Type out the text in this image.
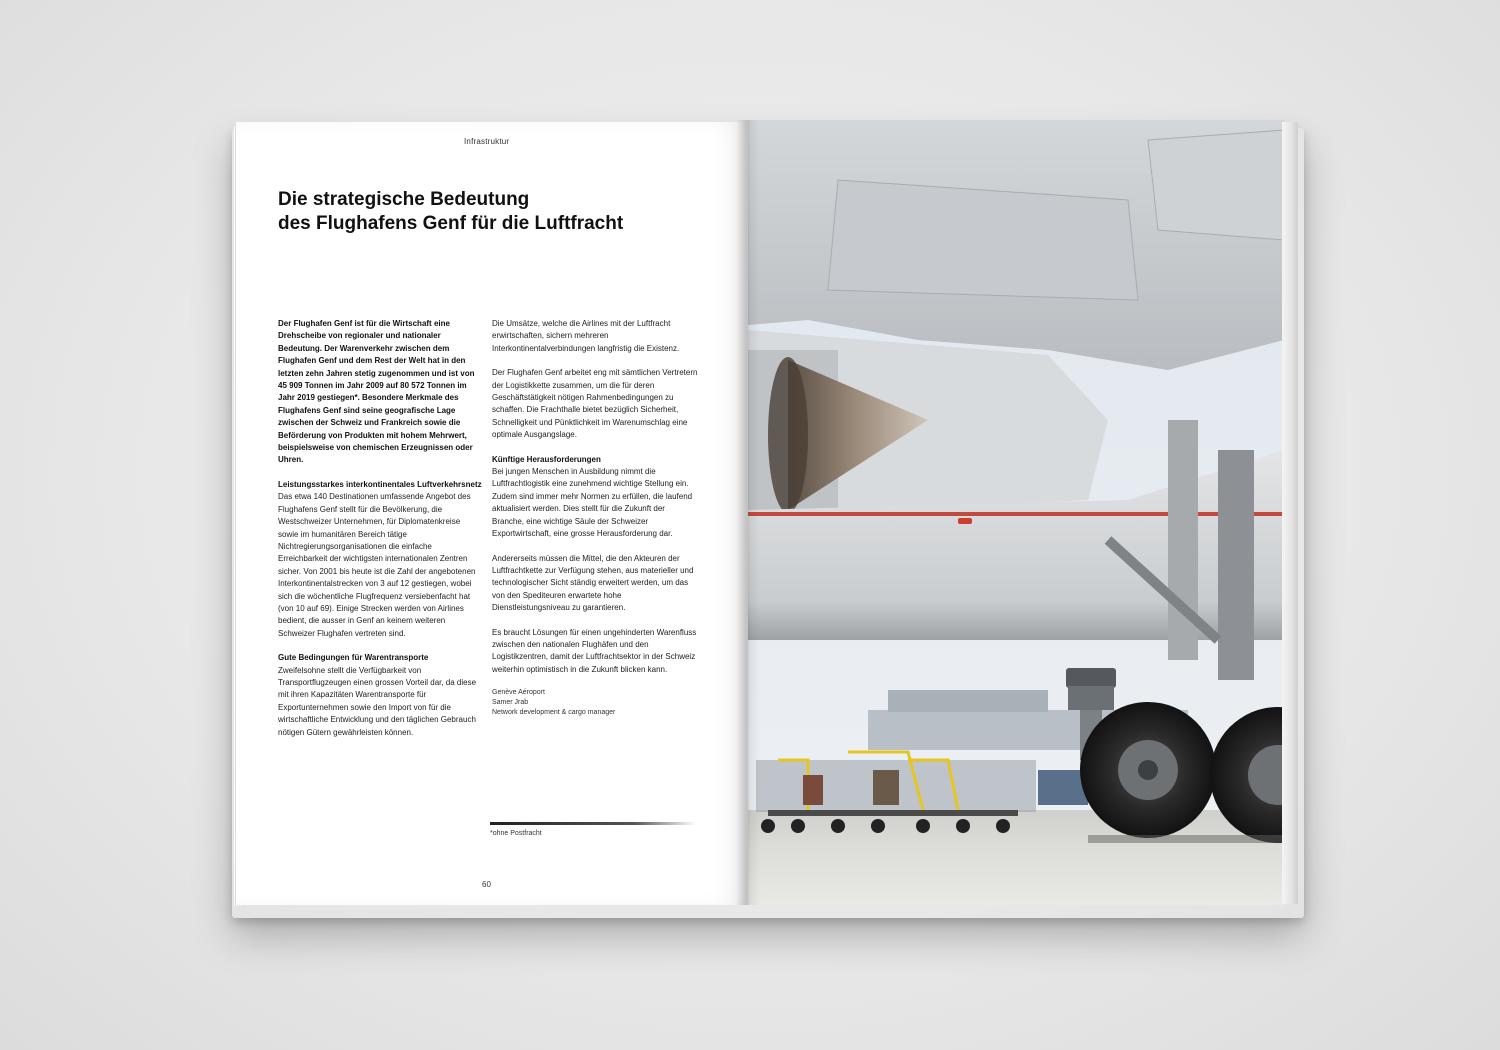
Infrastruktur
Die strategische Bedeutung
des Flughafens Genf für die Luftfracht

Der Flughafen Genf ist für die Wirtschaft eine Drehscheibe von regionaler und nationaler Bedeutung. Der Warenverkehr zwischen dem Flughafen Genf und dem Rest der Welt hat in den letzten zehn Jahren stetig zugenommen und ist von 45 909 Tonnen im Jahr 2009 auf 80 572 Tonnen im Jahr 2019 gestiegen*. Besondere Merkmale des Flughafens Genf sind seine geografische Lage zwischen der Schweiz und Frankreich sowie die Beförderung von Produkten mit hohem Mehrwert, beispielsweise von chemischen Erzeugnissen oder Uhren.

Leistungsstarkes interkontinentales Luftverkehrsnetz

Das etwa 140 Destinationen umfassende Angebot des Flughafens Genf stellt für die Bevölkerung, die Westschweizer Unternehmen, für Diplomatenkreise sowie im humanitären Bereich tätige Nichtregierungsorganisationen die einfache Erreichbarkeit der wichtigsten internationalen Zentren sicher. Von 2001 bis heute ist die Zahl der angebotenen Interkontinentalstrecken von 3 auf 12 gestiegen, wobei sich die wöchentliche Flugfrequenz versiebenfacht hat (von 10 auf 69). Einige Strecken werden von Airlines bedient, die ausser in Genf an keinem weiteren Schweizer Flughafen vertreten sind.

Gute Bedingungen für Warentransporte

Zweifelsohne stellt die Verfügbarkeit von Transportflugzeugen einen grossen Vorteil dar, da diese mit ihren Kapazitäten Warentransporte für Exportunternehmen sowie den Import von für die wirtschaftliche Entwicklung und den täglichen Gebrauch nötigen Gütern gewährleisten können.

Die Umsätze, welche die Airlines mit der Luftfracht erwirtschaften, sichern mehreren Interkontinentalverbindungen langfristig die Existenz.

Der Flughafen Genf arbeitet eng mit sämtlichen Vertretern der Logistikkette zusammen, um die für deren Geschäftstätigkeit nötigen Rahmenbedingungen zu schaffen. Die Frachthalle bietet bezüglich Sicherheit, Schnelligkeit und Pünktlichkeit im Warenumschlag eine optimale Ausgangslage.

Künftige Herausforderungen

Bei jungen Menschen in Ausbildung nimmt die Luftfrachtlogistik eine zunehmend wichtige Stellung ein. Zudem sind immer mehr Normen zu erfüllen, die laufend aktualisiert werden. Dies stellt für die Zukunft der Branche, eine wichtige Säule der Schweizer Exportwirtschaft, eine grosse Herausforderung dar.

Andererseits müssen die Mittel, die den Akteuren der Luftfrachtkette zur Verfügung stehen, aus materieller und technologischer Sicht ständig erweitert werden, um das von den Spediteuren erwartete hohe Dienstleistungsniveau zu garantieren.

Es braucht Lösungen für einen ungehinderten Warenfluss zwischen den nationalen Flughäfen und den Logistikzentren, damit der Luftfrachtsektor in der Schweiz weiterhin optimistisch in die Zukunft blicken kann.

Genève Aéroport
Samer Jrab
Network development & cargo manager
*ohne Postfracht
60
